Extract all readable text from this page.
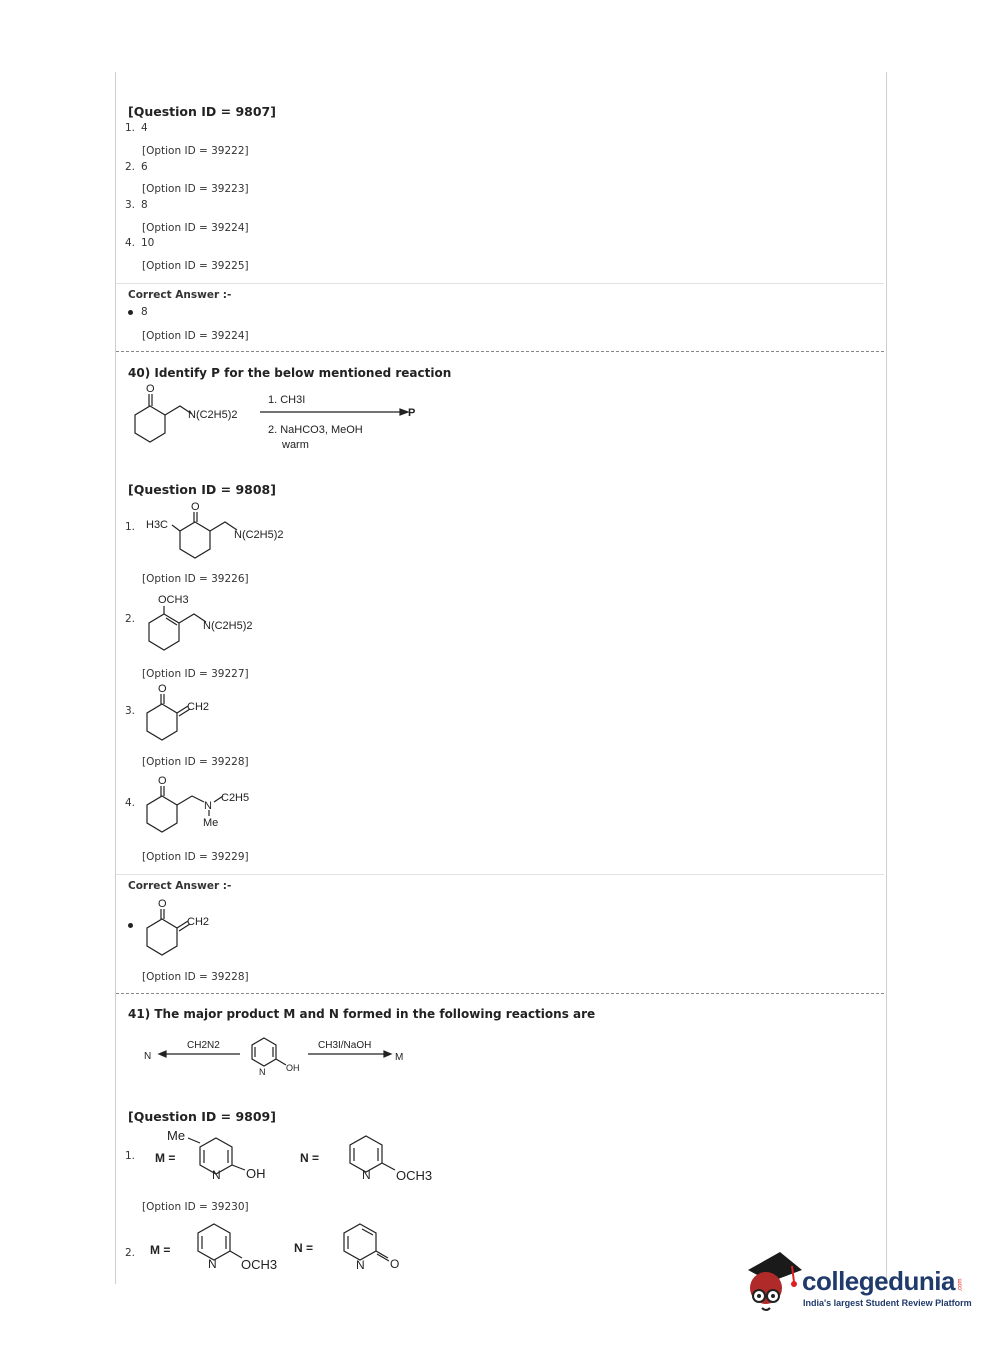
[Question ID = 9807]
1. 4
[Option ID = 39222]
2. 6
[Option ID = 39223]
3. 8
[Option ID = 39224]
4. 10
[Option ID = 39225]
Correct Answer :-
8
[Option ID = 39224]
40) Identify P for the below mentioned reaction
O
N(C2H5)2
1. CH3I
P
2. NaHCO3, MeOH
warm
[Question ID = 9808]
1.
O
H3C
N(C2H5)2
[Option ID = 39226]
2.
OCH3
N(C2H5)2
[Option ID = 39227]
3.
O
CH2
[Option ID = 39228]
4.
O
N
C2H5
Me
[Option ID = 39229]
Correct Answer :-
O
CH2
[Option ID = 39228]
41) The major product M and N formed in the following reactions are
N
CH2N2
N OH
CH3I/NaOH
M
[Question ID = 9809]
1. M =
Me
N OH
N =
N OCH3
[Option ID = 39230]
2. M =
N OCH3
N =
N O
collegedunia .com
India's largest Student Review Platform
